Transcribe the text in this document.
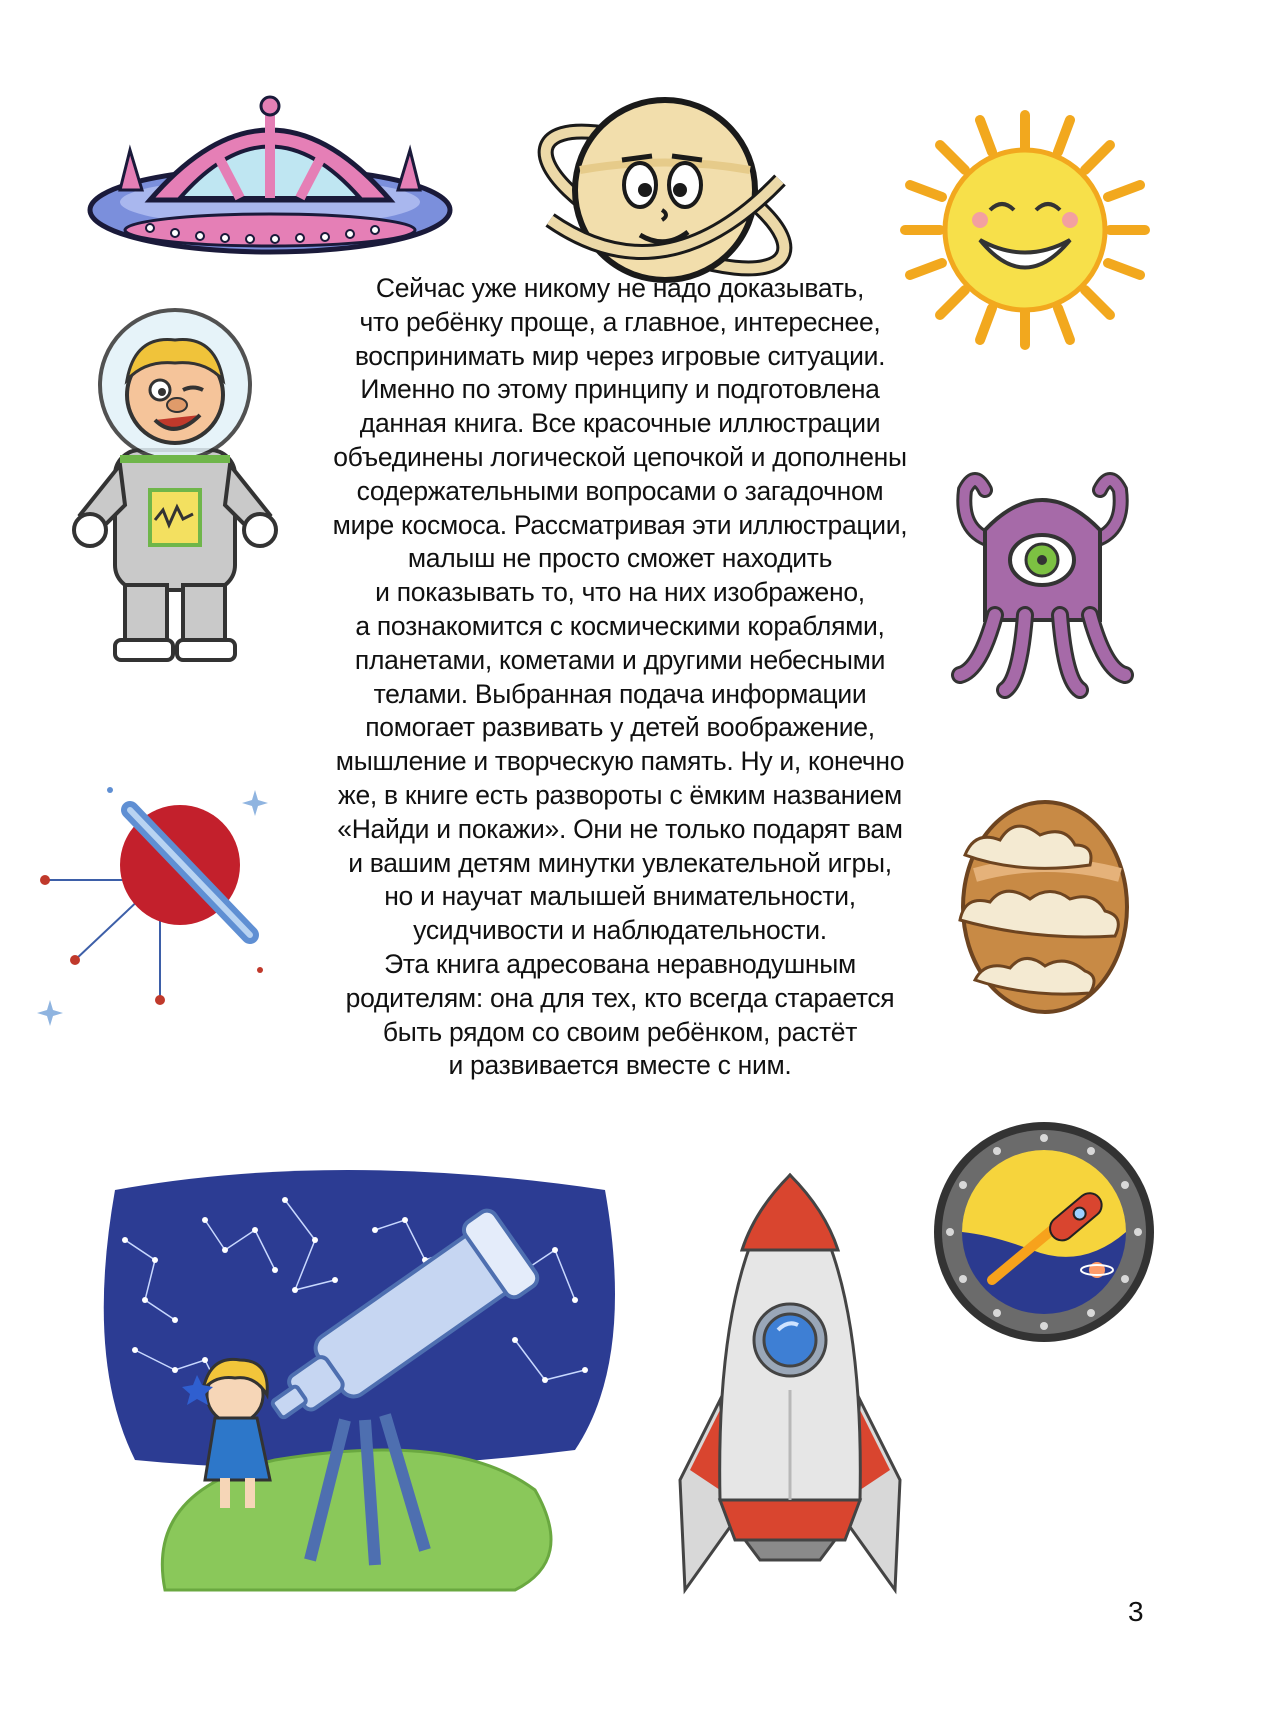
Сейчас уже никому не надо доказывать,
что ребёнку проще, а главное, интереснее,
воспринимать мир через игровые ситуации.
Именно по этому принципу и подготовлена
данная книга. Все красочные иллюстрации
объединены логической цепочкой и дополнены
содержательными вопросами о загадочном
мире космоса. Рассматривая эти иллюстрации,
малыш не просто сможет находить
и показывать то, что на них изображено,
а познакомится с космическими кораблями,
планетами, кометами и другими небесными
телами. Выбранная подача информации
помогает развивать у детей воображение,
мышление и творческую память. Ну и, конечно
же, в книге есть развороты с ёмким названием
«Найди и покажи». Они не только подарят вам
и вашим детям минутки увлекательной игры,
но и научат малышей внимательности,
усидчивости и наблюдательности.
Эта книга адресована неравнодушным
родителям: она для тех, кто всегда старается
быть рядом со своим ребёнком, растёт
и развивается вместе с ним.

3
